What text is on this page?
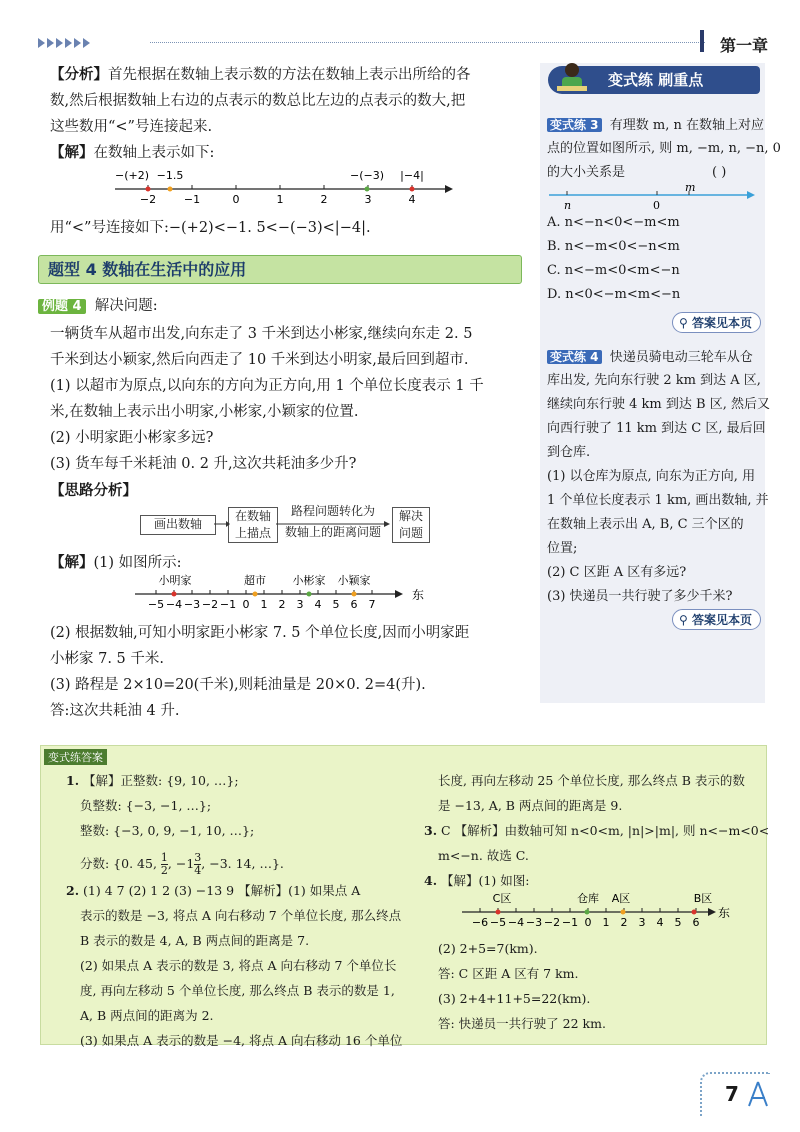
第一章
【分析】首先根据在数轴上表示数的方法在数轴上表示出所给的各
数,然后根据数轴上右边的点表示的数总比左边的点表示的数大,把
这些数用“<”号连接起来.
【解】在数轴上表示如下:
−2	−1	0	1	2	3	4
−(+2) −1.5	−(−3) |−4|
用“<”号连接如下:−(+2)<−1. 5<−(−3)<|−4|.
题型 4 数轴在生活中的应用
例题 4 解决问题:
一辆货车从超市出发,向东走了 3 千米到达小彬家,继续向东走 2. 5
千米到达小颖家,然后向西走了 10 千米到达小明家,最后回到超市.
(1) 以超市为原点,以向东的方向为正方向,用 1 个单位长度表示 1 千
米,在数轴上表示出小明家,小彬家,小颖家的位置.
(2) 小明家距小彬家多远?
(3) 货车每千米耗油 0. 2 升,这次共耗油多少升?
【思路分析】
画出数轴
在数轴
上描点
路程问题转化为
数轴上的距离问题
解决
问题
【解】(1) 如图所示:
−5 −4 −3 −2 −1 0 1 2 3 4 5 6 7
小明家	超市 小彬家 小颖家
东
(2) 根据数轴,可知小明家距小彬家 7. 5 个单位长度,因而小明家距
小彬家 7. 5 千米.
(3) 路程是 2×10=20(千米),则耗油量是 20×0. 2=4(升).
答:这次共耗油 4 升.
变式练 刷重点
变式练 3 有理数 m, n 在数轴上对应
点的位置如图所示, 则 m, −m, n, −n, 0
的大小关系是	( )
n	0
m
A. n<−n<0<−m<m
B. n<−m<0<−n<m
C. n<−m<0<m<−n
D. n<0<−m<m<−n
⚲ 答案见本页
变式练 4 快递员骑电动三轮车从仓
库出发, 先向东行驶 2 km 到达 A 区,
继续向东行驶 4 km 到达 B 区, 然后又
向西行驶了 11 km 到达 C 区, 最后回
到仓库.
(1) 以仓库为原点, 向东为正方向, 用
1 个单位长度表示 1 km, 画出数轴, 并
在数轴上表示出 A, B, C 三个区的
位置;
(2) C 区距 A 区有多远?
(3) 快递员一共行驶了多少千米?
⚲ 答案见本页
变式练答案
1. 【解】正整数: {9, 10, …};
负整数: {−3, −1, …};
整数: {−3, 0, 9, −1, 10, …};
分数: {0. 45, $\frac{1}{2}$ , $-1 \frac{3}{4}$ , −3. 14, …}.
2. (1) 4 7 (2) 1 2 (3) −13 9 【解析】(1) 如果点 A
表示的数是 −3, 将点 A 向右移动 7 个单位长度, 那么终点
B 表示的数是 4, A, B 两点间的距离是 7.
(2) 如果点 A 表示的数是 3, 将点 A 向右移动 7 个单位长
度, 再向左移动 5 个单位长度, 那么终点 B 表示的数是 1,
A, B 两点间的距离为 2.
(3) 如果点 A 表示的数是 −4, 将点 A 向右移动 16 个单位
长度, 再向左移动 25 个单位长度, 那么终点 B 表示的数
是 −13, A, B 两点间的距离是 9.
3. C 【解析】由数轴可知 n<0<m, |n|>|m|, 则 n<−m<0<
m<−n. 故选 C.
4. 【解】(1) 如图:
−6 −5 −4 −3 −2 −1 0 1 2 3 4 5 6
C区	仓库 A区	B区
东
(2) 2+5=7(km).
答: C 区距 A 区有 7 km.
(3) 2+4+11+5=22(km).
答: 快递员一共行驶了 22 km.
7
